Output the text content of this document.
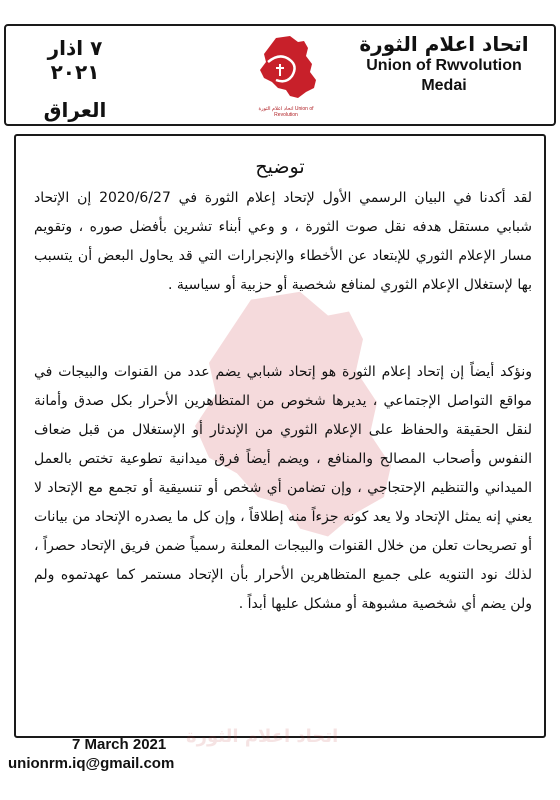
٧ اذار ٢٠٢١
العراق	اتحاد اعلام الثورة Union of Revolution
اتحاد اعلام الثورة
Union of Rwvolution
Medai
اتحاد اعلام الثورة
توضيح
لقد أكدنا في البيان الرسمي الأول لإتحاد إعلام الثورة في 2020/6/27 إن الإتحاد شبابي مستقل هدفه نقل صوت الثورة ، و وعي أبناء تشرين بأفضل صوره ، وتقويم مسار الإعلام الثوري للإبتعاد عن الأخطاء والإنجرارات التي قد يحاول البعض أن يتسبب بها لإستغلال الإعلام الثوري لمنافع شخصية أو حزبية أو سياسية .
ونؤكد أيضاً إن إتحاد إعلام الثورة هو إتحاد شبابي يضم عدد من القنوات والبيجات في مواقع التواصل الإجتماعي ، يديرها شخوص من المتظاهرين الأحرار بكل صدق وأمانة لنقل الحقيقة والحفاظ على الإعلام الثوري من الإندثار أو الإستغلال من قبل ضعاف النفوس وأصحاب المصالح والمنافع ، ويضم أيضاً فرق ميدانية تطوعية تختص بالعمل الميداني والتنظيم الإحتجاجي ، وإن تضامن أي شخص أو تنسيقية أو تجمع مع الإتحاد لا يعني إنه يمثل الإتحاد ولا يعد كونه جزءاً منه إطلاقاً ، وإن كل ما يصدره الإتحاد من بيانات أو تصريحات تعلن من خلال القنوات والبيجات المعلنة رسمياً ضمن فريق الإتحاد حصراً ، لذلك نود التنويه على جميع المتظاهرين الأحرار بأن الإتحاد مستمر كما عهدتموه ولم ولن يضم أي شخصية مشبوهة أو مشكل عليها أبداً .
7 March 2021
unionrm.iq@gmail.com
